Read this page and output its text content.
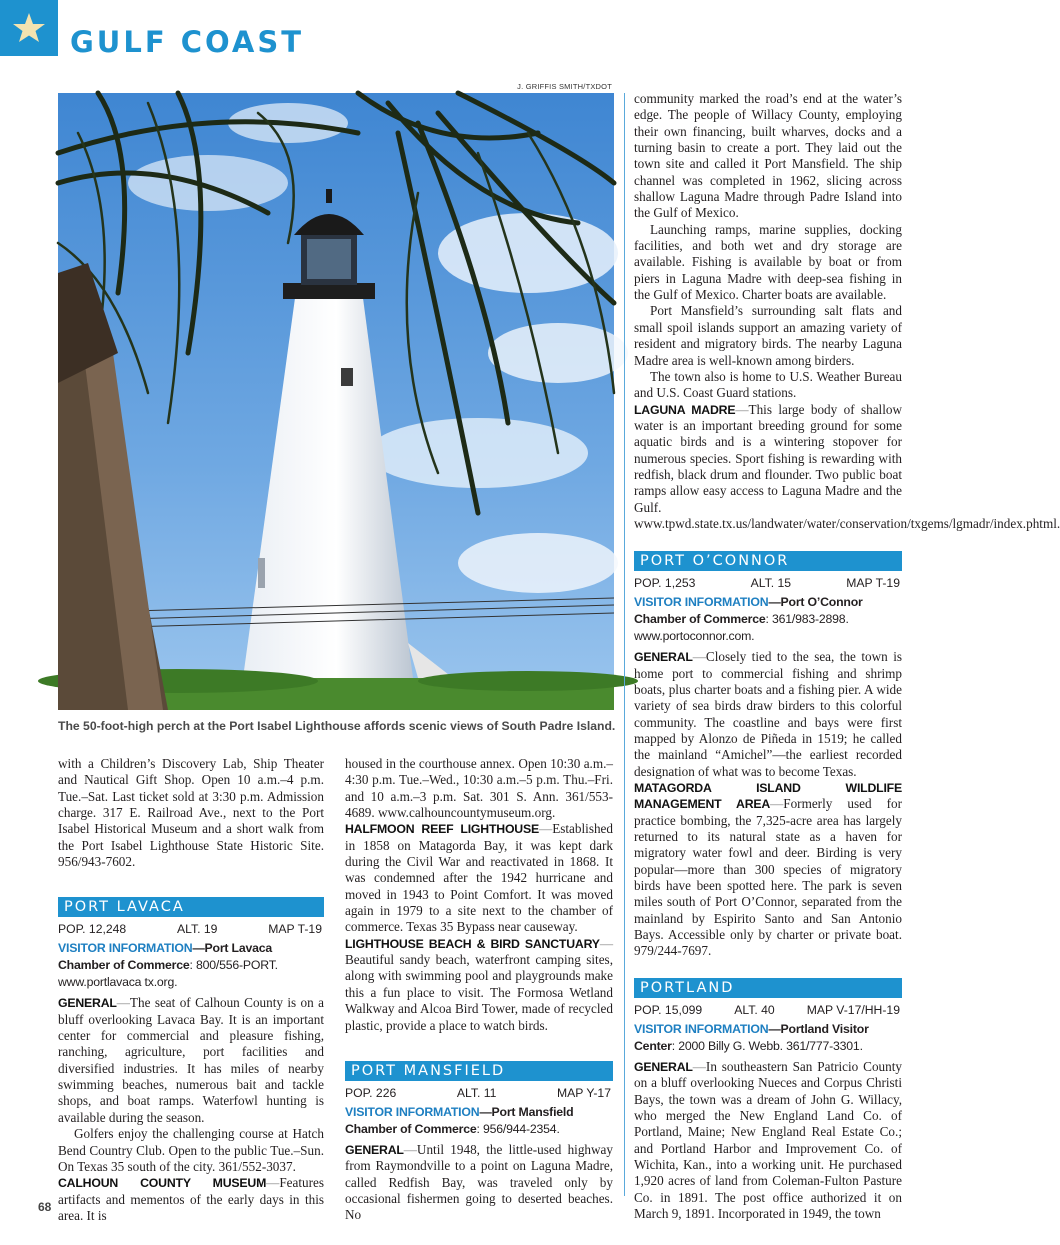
GULF COAST
J. GRIFFIS SMITH/TXDOT

The 50-foot-high perch at the Port Isabel Lighthouse affords scenic views of South Padre Island.

with a Children’s Discovery Lab, Ship Theater and Nautical Gift Shop. Open 10 a.m.–4 p.m. Tue.–Sat. Last ticket sold at 3:30 p.m. Admission charge. 317 E. Railroad Ave., next to the Port Isabel Historical Museum and a short walk from the Port Isabel Lighthouse State Historic Site. 956/943-7602.

PORT LAVACA
POP. 12,248	ALT. 19	MAP T-19

VISITOR INFORMATION—Port Lavaca Chamber of Commerce: 800/556-PORT. www.portlavaca tx.org.

GENERAL—The seat of Calhoun County is on a bluff overlooking Lavaca Bay. It is an important center for commercial and pleasure fishing, ranching, agriculture, port facilities and diversified industries. It has miles of nearby swimming beaches, numerous bait and tackle shops, and boat ramps. Waterfowl hunting is available during the season.

Golfers enjoy the challenging course at Hatch Bend Country Club. Open to the public Tue.–Sun. On Texas 35 south of the city. 361/552-3037.

CALHOUN COUNTY MUSEUM—Features artifacts and mementos of the early days in this area. It is

housed in the courthouse annex. Open 10:30 a.m.–4:30 p.m. Tue.–Wed., 10:30 a.m.–5 p.m. Thu.–Fri. and 10 a.m.–3 p.m. Sat. 301 S. Ann. 361/553-4689. www.calhouncountymuseum.org.

HALFMOON REEF LIGHTHOUSE—Established in 1858 on Matagorda Bay, it was kept dark during the Civil War and reactivated in 1868. It was condemned after the 1942 hurricane and moved in 1943 to Point Comfort. It was moved again in 1979 to a site next to the chamber of commerce. Texas 35 Bypass near causeway.

LIGHTHOUSE BEACH & BIRD SANCTUARY—Beautiful sandy beach, waterfront camping sites, along with swimming pool and playgrounds make this a fun place to visit. The Formosa Wetland Walkway and Alcoa Bird Tower, made of recycled plastic, provide a place to watch birds.

PORT MANSFIELD
POP. 226	ALT. 11	MAP Y-17

VISITOR INFORMATION—Port Mansfield Chamber of Commerce: 956/944-2354.

GENERAL—Until 1948, the little-used highway from Raymondville to a point on Laguna Madre, called Redfish Bay, was traveled only by occasional fishermen going to deserted beaches. No

community marked the road’s end at the water’s edge. The people of Willacy County, employing their own financing, built wharves, docks and a turning basin to create a port. They laid out the town site and called it Port Mansfield. The ship channel was completed in 1962, slicing across shallow Laguna Madre through Padre Island into the Gulf of Mexico.

Launching ramps, marine supplies, docking facilities, and both wet and dry storage are available. Fishing is available by boat or from piers in Laguna Madre with deep-sea fishing in the Gulf of Mexico. Charter boats are available.

Port Mansfield’s surrounding salt flats and small spoil islands support an amazing variety of resident and migratory birds. The nearby Laguna Madre area is well-known among birders.

The town also is home to U.S. Weather Bureau and U.S. Coast Guard stations.

LAGUNA MADRE—This large body of shallow water is an important breeding ground for some aquatic birds and is a wintering stopover for numerous species. Sport fishing is rewarding with redfish, black drum and flounder. Two public boat ramps allow easy access to Laguna Madre and the Gulf. www.tpwd.state.tx.us/landwater/water/conservation/txgems/lgmadr/index.phtml.

PORT O’CONNOR
POP. 1,253	ALT. 15	MAP T-19

VISITOR INFORMATION—Port O’Connor Chamber of Commerce: 361/983-2898. www.portoconnor.com.

GENERAL—Closely tied to the sea, the town is home port to commercial fishing and shrimp boats, plus charter boats and a fishing pier. A wide variety of sea birds draw birders to this colorful community. The coastline and bays were first mapped by Alonzo de Piñeda in 1519; he called the mainland “Amichel”—the earliest recorded designation of what was to become Texas.

MATAGORDA ISLAND WILDLIFE MANAGEMENT AREA—Formerly used for practice bombing, the 7,325-acre area has largely returned to its natural state as a haven for migratory water fowl and deer. Birding is very popular—more than 300 species of migratory birds have been spotted here. The park is seven miles south of Port O’Connor, separated from the mainland by Espirito Santo and San Antonio Bays. Accessible only by charter or private boat. 979/244-7697.

PORTLAND
POP. 15,099	ALT. 40	MAP V-17/HH-19

VISITOR INFORMATION—Portland Visitor Center: 2000 Billy G. Webb. 361/777-3301.

GENERAL—In southeastern San Patricio County on a bluff overlooking Nueces and Corpus Christi Bays, the town was a dream of John G. Willacy, who merged the New England Land Co. of Portland, Maine; New England Real Estate Co.; and Portland Harbor and Improvement Co. of Wichita, Kan., into a working unit. He purchased 1,920 acres of land from Coleman-Fulton Pasture Co. in 1891. The post office authorized it on March 9, 1891. Incorporated in 1949, the town

68
